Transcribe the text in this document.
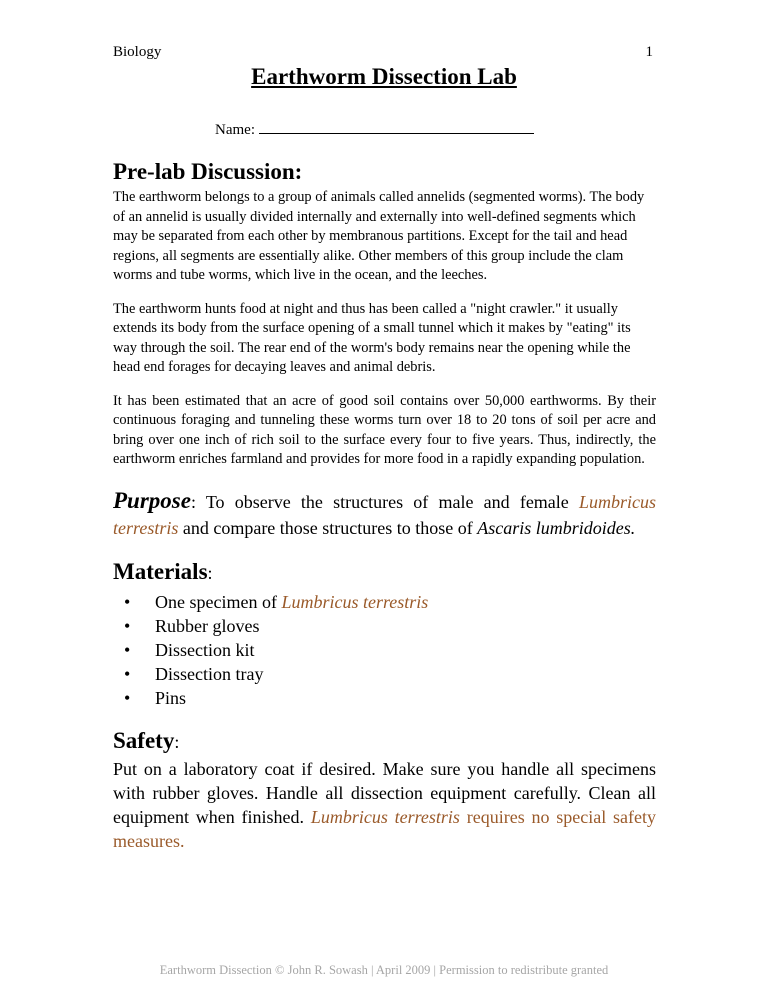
Biology	1
Earthworm Dissection Lab
Name:
Pre-lab Discussion:

The earthworm belongs to a group of animals called annelids (segmented worms). The body of an annelid is usually divided internally and externally into well-defined segments which may be separated from each other by membranous partitions. Except for the tail and head regions, all segments are essentially alike. Other members of this group include the clam worms and tube worms, which live in the ocean, and the leeches.

The earthworm hunts food at night and thus has been called a "night crawler." it usually extends its body from the surface opening of a small tunnel which it makes by "eating" its way through the soil. The rear end of the worm's body remains near the opening while the head end forages for decaying leaves and animal debris.

It has been estimated that an acre of good soil contains over 50,000 earthworms. By their continuous foraging and tunneling these worms turn over 18 to 20 tons of soil per acre and bring over one inch of rich soil to the surface every four to five years. Thus, indirectly, the earthworm enriches farmland and provides for more food in a rapidly expanding population.

Purpose: To observe the structures of male and female Lumbricus terrestris and compare those structures to those of Ascaris lumbridoides.

Materials:

• One specimen of Lumbricus terrestris
• Rubber gloves
• Dissection kit
• Dissection tray
• Pins

Safety:

Put on a laboratory coat if desired. Make sure you handle all specimens with rubber gloves. Handle all dissection equipment carefully. Clean all equipment when finished. Lumbricus terrestris requires no special safety measures.

Earthworm Dissection © John R. Sowash | April 2009 | Permission to redistribute granted
